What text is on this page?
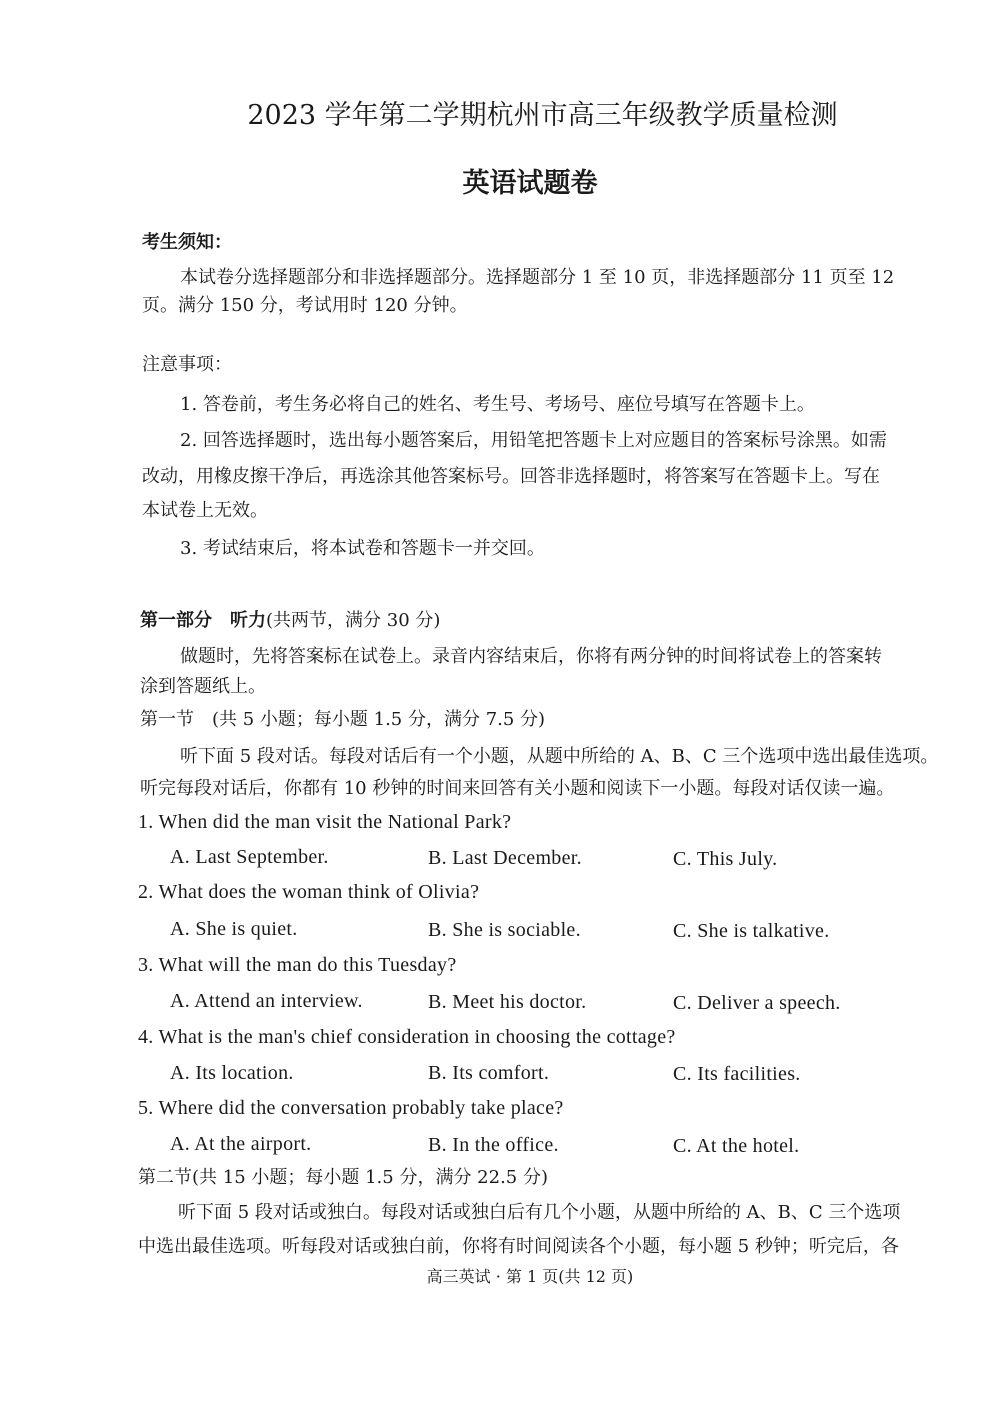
2023 学年第二学期杭州市高三年级教学质量检测
英语试题卷
考生须知：
本试卷分选择题部分和非选择题部分。选择题部分 1 至 10 页，非选择题部分 11 页至 12
页。满分 150 分，考试用时 120 分钟。
注意事项：
1. 答卷前，考生务必将自己的姓名、考生号、考场号、座位号填写在答题卡上。
2. 回答选择题时，选出每小题答案后，用铅笔把答题卡上对应题目的答案标号涂黑。如需
改动，用橡皮擦干净后，再选涂其他答案标号。回答非选择题时，将答案写在答题卡上。写在
本试卷上无效。
3. 考试结束后，将本试卷和答题卡一并交回。
第一部分　听力(共两节，满分 30 分)
做题时，先将答案标在试卷上。录音内容结束后，你将有两分钟的时间将试卷上的答案转
涂到答题纸上。
第一节　(共 5 小题；每小题 1.5 分，满分 7.5 分)
听下面 5 段对话。每段对话后有一个小题，从题中所给的 A、B、C 三个选项中选出最佳选项。
听完每段对话后，你都有 10 秒钟的时间来回答有关小题和阅读下一小题。每段对话仅读一遍。
1. When did the man visit the National Park?
A. Last September.	B. Last December.	C. This July.
2. What does the woman think of Olivia?
A. She is quiet.	B. She is sociable.	C. She is talkative.
3. What will the man do this Tuesday?
A. Attend an interview.	B. Meet his doctor.	C. Deliver a speech.
4. What is the man's chief consideration in choosing the cottage?
A. Its location.	B. Its comfort.	C. Its facilities.
5. Where did the conversation probably take place?
A. At the airport.	B. In the office.	C. At the hotel.
第二节(共 15 小题；每小题 1.5 分，满分 22.5 分)
听下面 5 段对话或独白。每段对话或独白后有几个小题，从题中所给的 A、B、C 三个选项
中选出最佳选项。听每段对话或独白前，你将有时间阅读各个小题，每小题 5 秒钟；听完后，各
高三英试 · 第 1 页(共 12 页)
